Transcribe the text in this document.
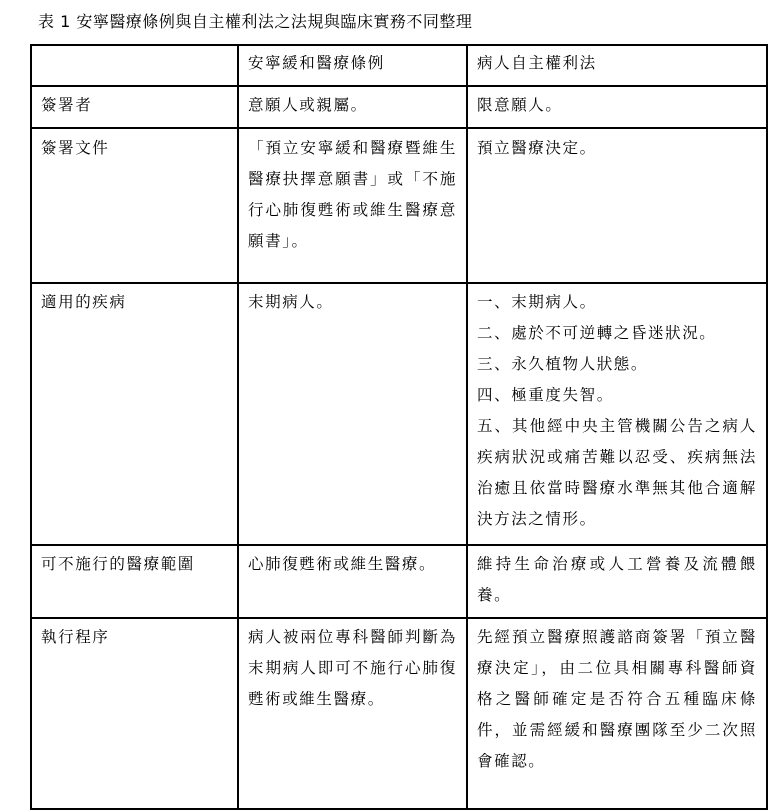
表 1 安寧醫療條例與自主權利法之法規與臨床實務不同整理
	安寧緩和醫療條例	病人自主權利法
簽署者	意願人或親屬。	限意願人。

簽署文件	「預立安寧緩和醫療暨維生醫療抉擇意願書」或「不施行心肺復甦術或維生醫療意願書」。	預立醫療決定。

適用的疾病	末期病人。	一、末期病人。
二、處於不可逆轉之昏迷狀況。
三、永久植物人狀態。
四、極重度失智。
五、其他經中央主管機關公告之病人疾病狀況或痛苦難以忍受、疾病無法治癒且依當時醫療水準無其他合適解決方法之情形。

可不施行的醫療範圍	心肺復甦術或維生醫療。	維持生命治療或人工營養及流體餵養。

執行程序	病人被兩位專科醫師判斷為末期病人即可不施行心肺復甦術或維生醫療。	先經預立醫療照護諮商簽署「預立醫療決定」，由二位具相關專科醫師資格之醫師確定是否符合五種臨床條件，並需經緩和醫療團隊至少二次照會確認。
